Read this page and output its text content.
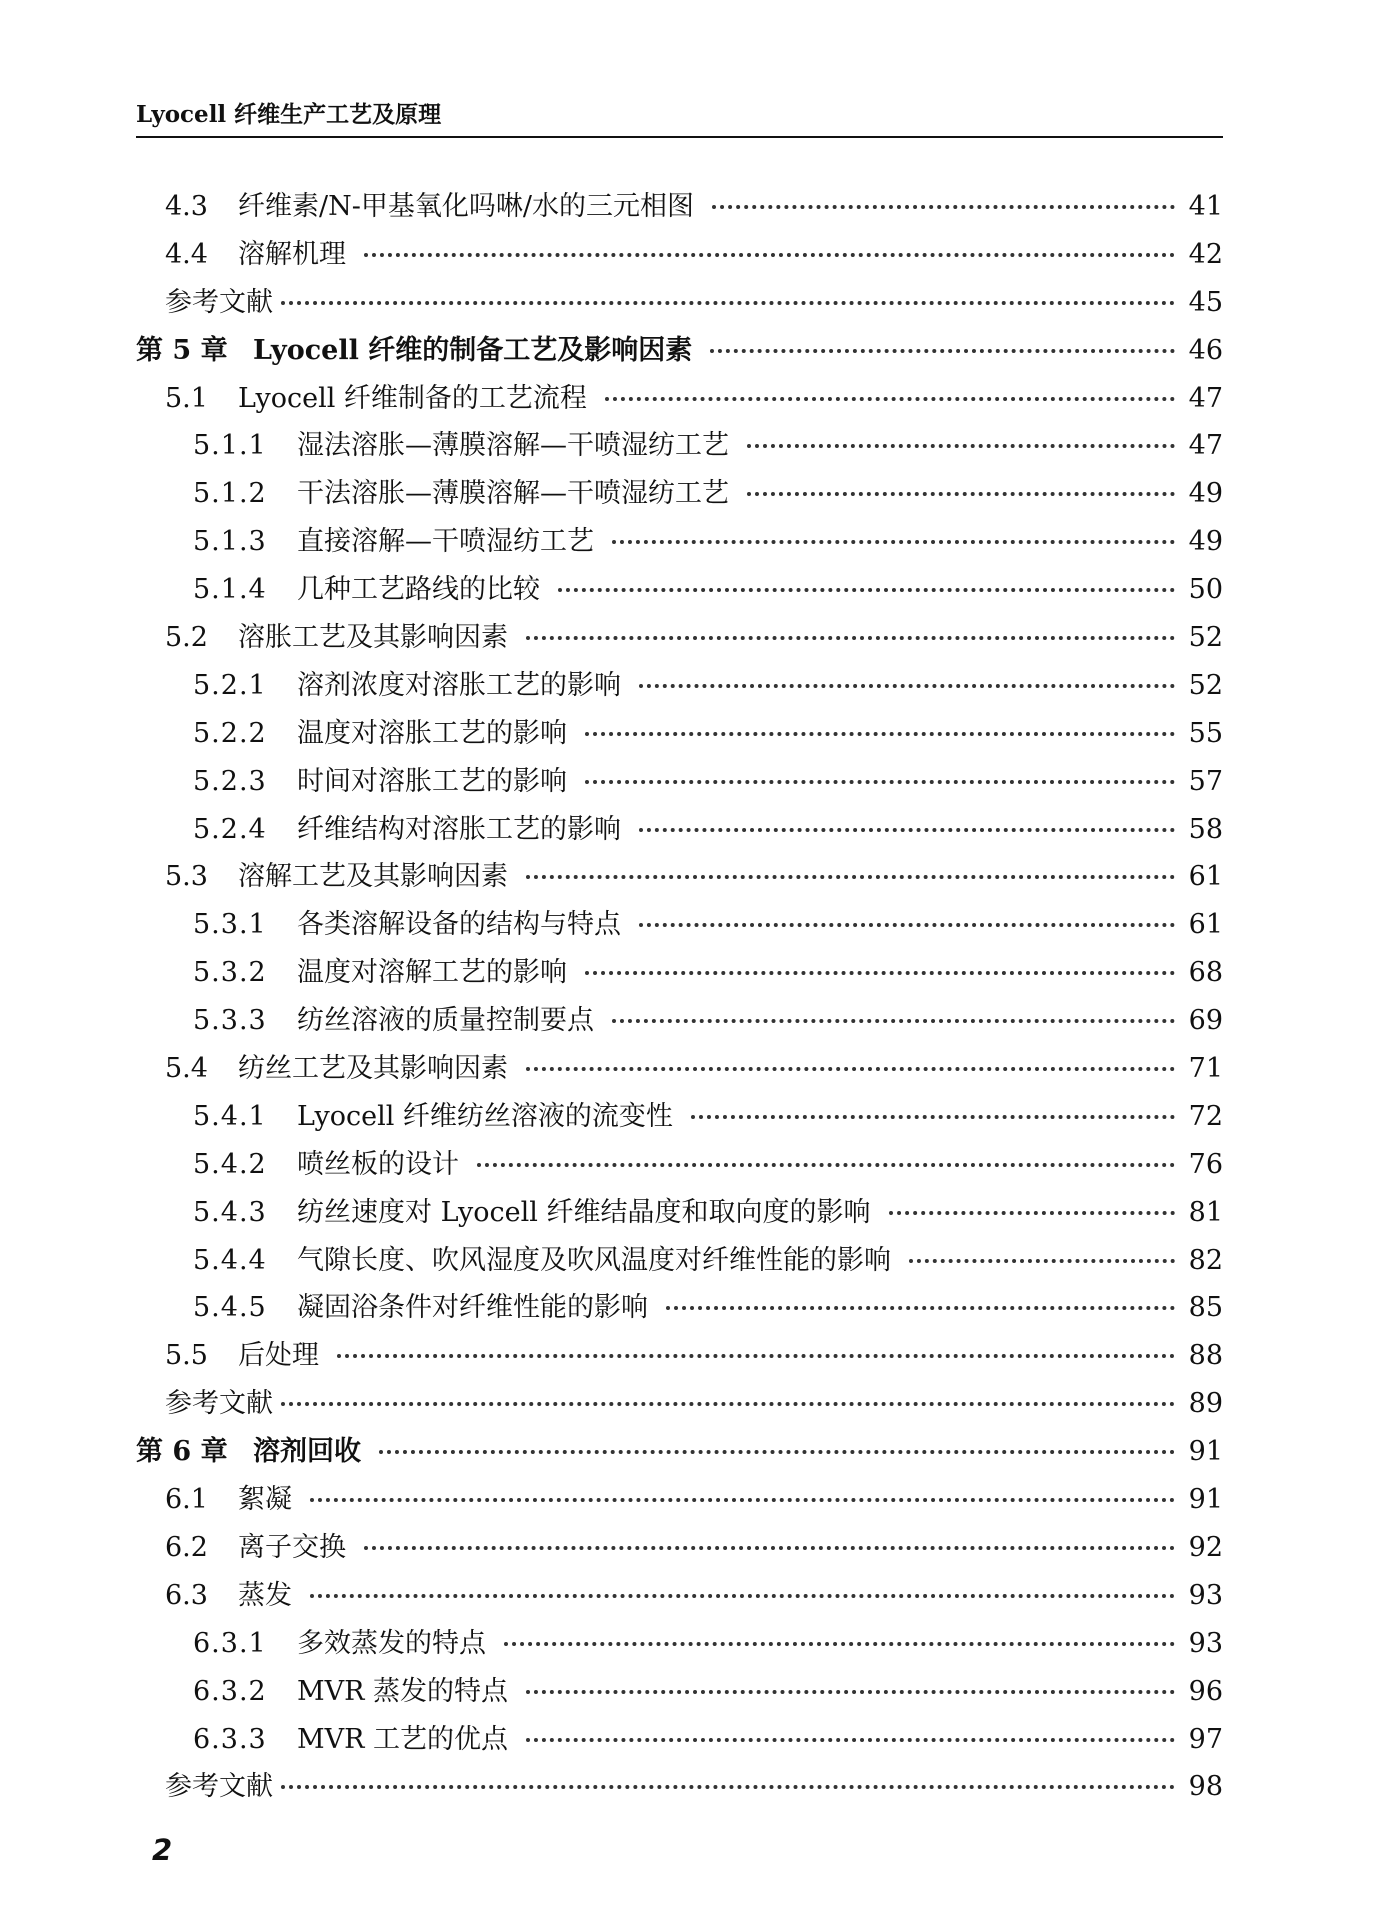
Lyocell 纤维生产工艺及原理
4.3	纤维素/N-甲基氧化吗啉/水的三元相图	41
4.4	溶解机理	42
参考文献	45
第 5 章 Lyocell 纤维的制备工艺及影响因素	46
5.1	Lyocell 纤维制备的工艺流程	47
5.1.1	湿法溶胀—薄膜溶解—干喷湿纺工艺	47
5.1.2	干法溶胀—薄膜溶解—干喷湿纺工艺	49
5.1.3	直接溶解—干喷湿纺工艺	49
5.1.4	几种工艺路线的比较	50
5.2	溶胀工艺及其影响因素	52
5.2.1	溶剂浓度对溶胀工艺的影响	52
5.2.2	温度对溶胀工艺的影响	55
5.2.3	时间对溶胀工艺的影响	57
5.2.4	纤维结构对溶胀工艺的影响	58
5.3	溶解工艺及其影响因素	61
5.3.1	各类溶解设备的结构与特点	61
5.3.2	温度对溶解工艺的影响	68
5.3.3	纺丝溶液的质量控制要点	69
5.4	纺丝工艺及其影响因素	71
5.4.1	Lyocell 纤维纺丝溶液的流变性	72
5.4.2	喷丝板的设计	76
5.4.3	纺丝速度对 Lyocell 纤维结晶度和取向度的影响	81
5.4.4	气隙长度、吹风湿度及吹风温度对纤维性能的影响	82
5.4.5	凝固浴条件对纤维性能的影响	85
5.5	后处理	88
参考文献	89
第 6 章 溶剂回收	91
6.1	絮凝	91
6.2	离子交换	92
6.3	蒸发	93
6.3.1	多效蒸发的特点	93
6.3.2	MVR 蒸发的特点	96
6.3.3	MVR 工艺的优点	97
参考文献	98
2
